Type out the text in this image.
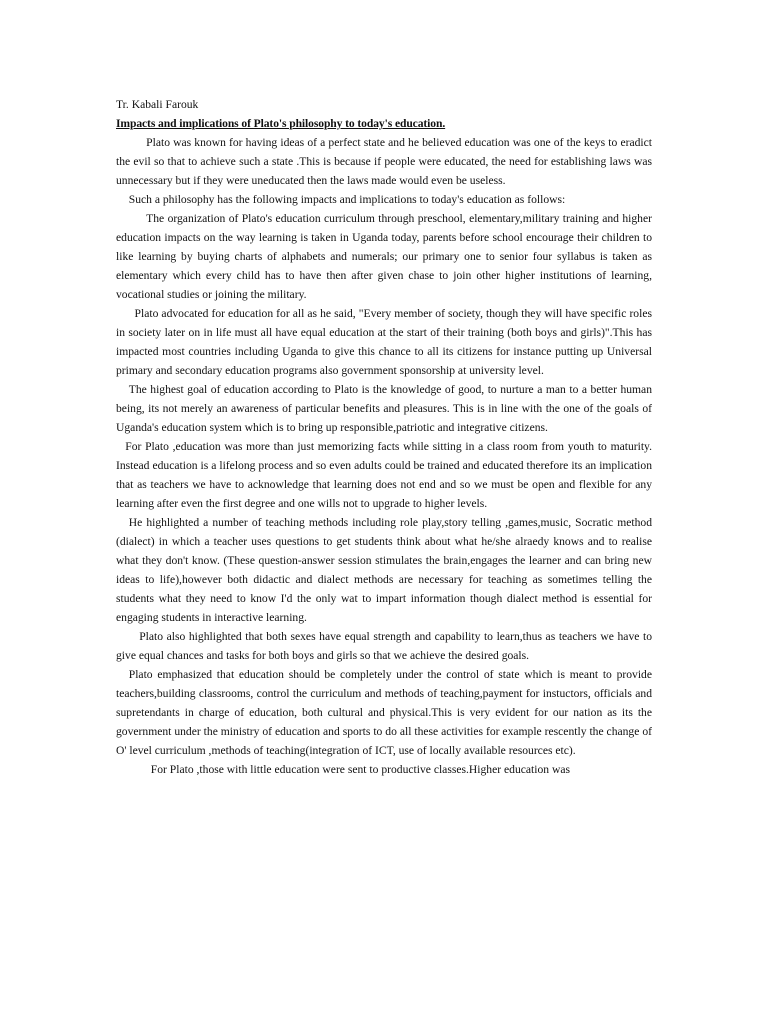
Tr. Kabali Farouk
Impacts and implications of Plato's philosophy to today's education.

Plato was known for having ideas of a perfect state and he believed education was one of the keys to eradict the evil so that to achieve such a state .This is because if people were educated, the need for establishing laws was unnecessary but if they were uneducated then the laws made would even be useless.

Such a philosophy has the following impacts and implications to today's education as follows:

The organization of Plato's education curriculum through preschool, elementary,military training and higher education impacts on the way learning is taken in Uganda today, parents before school encourage their children to like learning by buying charts of alphabets and numerals; our primary one to senior four syllabus is taken as elementary which every child has to have then after given chase to join other higher institutions of learning, vocational studies or joining the military.

Plato advocated for education for all as he said, "Every member of society, though they will have specific roles in society later on in life must all have equal education at the start of their training (both boys and girls)".This has impacted most countries including Uganda to give this chance to all its citizens for instance putting up Universal primary and secondary education programs also government sponsorship at university level.

The highest goal of education according to Plato is the knowledge of good, to nurture a man to a better human being, its not merely an awareness of particular benefits and pleasures. This is in line with the one of the goals of Uganda's education system which is to bring up responsible,patriotic and integrative citizens.

For Plato ,education was more than just memorizing facts while sitting in a class room from youth to maturity. Instead education is a lifelong process and so even adults could be trained and educated therefore its an implication that as teachers we have to acknowledge that learning does not end and so we must be open and flexible for any learning after even the first degree and one wills not to upgrade to higher levels.

He highlighted a number of teaching methods including role play,story telling ,games,music, Socratic method (dialect) in which a teacher uses questions to get students think about what he/she alraedy knows and to realise what they don't know. (These question-answer session stimulates the brain,engages the learner and can bring new ideas to life),however both didactic and dialect methods are necessary for teaching as sometimes telling the students what they need to know I'd the only wat to impart information though dialect method is essential for engaging students in interactive learning.

Plato also highlighted that both sexes have equal strength and capability to learn,thus as teachers we have to give equal chances and tasks for both boys and girls so that we achieve the desired goals.

Plato emphasized that education should be completely under the control of state which is meant to provide teachers,building classrooms, control the curriculum and methods of teaching,payment for instuctors, officials and supretendants in charge of education, both cultural and physical.This is very evident for our nation as its the government under the ministry of education and sports to do all these activities for example rescently the change of O' level curriculum ,methods of teaching(integration of ICT, use of locally available resources etc).

For Plato ,those with little education were sent to productive classes.Higher education was
